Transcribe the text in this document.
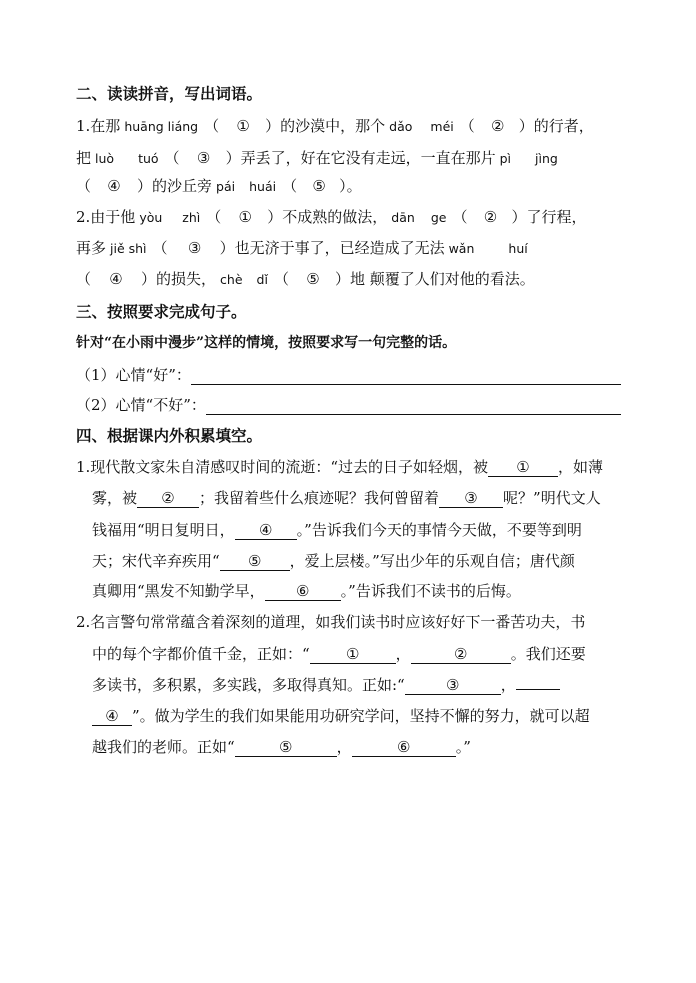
二、读读拼音，写出词语。
1.在那 huāng liáng （ ① ）的沙漠中，那个 dǎo méi （ ② ）的行者，
把 luò tuó （ ③ ）弄丢了，好在它没有走远，一直在那片 pì jìng
（ ④ ）的沙丘旁 pái huái （ ⑤ ）。
2.由于他 yòu zhì （ ① ）不成熟的做法， dān ge （ ② ）了行程，
再多 jiě shì （ ③ ）也无济于事了，已经造成了无法 wǎn	huí
（ ④ ）的损失， chè dǐ （ ⑤ ）地 颠覆了人们对他的看法。
三、按照要求完成句子。
针对“在小雨中漫步”这样的情境，按照要求写一句完整的话。
（1）心情“好”：
（2）心情“不好”：
四、根据课内外积累填空。
1.现代散文家朱自清感叹时间的流逝：“过去的日子如轻烟，被 ① ，如薄
雾，被 ② ；我留着些什么痕迹呢？我何曾留着 ③ 呢？”明代文人
钱福用“明日复明日， ④ 。”告诉我们今天的事情今天做，不要等到明
天；宋代辛弃疾用“ ⑤ ，爱上层楼。”写出少年的乐观自信；唐代颜
真卿用“黑发不知勤学早， ⑥ 。”告诉我们不读书的后悔。
2.名言警句常常蕴含着深刻的道理，如我们读书时应该好好下一番苦功夫，书
中的每个字都价值千金，正如：“ ① ，	②	。我们还要
多读书，多积累，多实践，多取得真知。正如:“	③	，
④ ”。做为学生的我们如果能用功研究学问，坚持不懈的努力，就可以超
越我们的老师。正如“	⑤	，	⑥	。”
